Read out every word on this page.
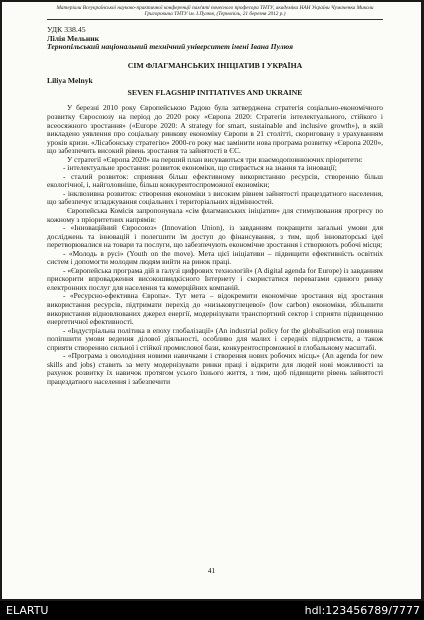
Матеріали Всеукраїнської науково-практичної конференції пам'яті почесного професора ТНТУ, академіка НАН України Чумаченка Миколи Григоровича ТНТУ ім. І.Пулюя, (Тернопіль, 21 березня 2012 р.)
УДК 338.45
Лілія Мельник
Тернопільський національний технічний університет імені Івана Пулюя
СІМ ФЛАГМАНСЬКИХ ІНІЦІАТИВ І УКРАЇНА
Liliya Melnyk
SEVEN FLAGSHIP INITIATIVES AND UKRAINE

У березні 2010 року Європейською Радою була затверджена стратегія соціально-економічного розвитку Євросоюзу на період до 2020 року «Європа 2020: Стратегія інтелектуального, стійкого і всеосяжного зростання» («Europe 2020: A strategy for smart, sustainable and inclusive growth»), в якій викладено уявлення про соціальну ринкову економіку Європи в 21 столітті, скориговану з урахуванням уроків кризи. «Лісабонську стратегію» 2000-го року має замінити нова програма розвитку «Європа 2020», що забезпечить високий рівень зростання та зайнятості в ЄС.

У стратегії «Європа 2020» на перший план висуваються три взаємодоповнюючих пріоритети:

- інтелектуальне зростання: розвиток економіки, що спирається на знання та інновації;

- сталий розвиток: сприяння більш ефективному використанню ресурсів, створенню більш екологічної, і, найголовніше, більш конкурентоспроможної економіки;

- інклюзивна розвиток: створення економіки з високим рівнем зайнятості працездатного населення, що забезпечує згладжування соціальних і територіальних відмінностей.

Європейська Комісія запропонувала «сім флагманських ініціатив» для стимулювання прогресу по кожному з пріоритетних напрямів:

- «Інноваційний Євросоюз» (Innovation Union), із завданням покращити загальні умови для досліджень та інновацій і полегшити їм доступ до фінансування, з тим, щоб інноваторські ідеї перетворювалися на товари та послуги, що забезпечують економічне зростання і створюють робочі місця;

- «Молодь в русі» (Youth on the move). Мета цієї ініціативи – підвищити ефективність освітніх систем і допомогти молодим людям вийти на ринок праці.

- «Європейська програма дій в галузі цифрових технологій» (A digital agenda for Europe) із завданням прискорити впровадження високошвидкісного Інтернету і скористатися перевагами єдиного ринку електронних послуг для населення та комерційних компаній.

- «Ресурсно-ефективна Європа». Тут мета – відокремити економічне зростання від зростання використання ресурсів, підтримати перехід до «низьковуглецевої» (low carbon) економіки, збільшити використання відновлюваних джерел енергії, модернізувати транспортний сектор і сприяти підвищенню енергетичної ефективності.

- «Індустріальна політика в епоху глобалізації» (An industrial policy for the globalisation era) повинна поліпшити умови ведення ділової діяльності, особливо для малих і середніх підприємств, а також сприяти створенню сильної і стійкої промислової бази, конкурентоспроможної в глобальному масштабі.

- «Програма з оволодіння новими навичками і створення нових робочих місць» (An agenda for new skills and jobs) ставить за мету модернізувати ринки праці і відкрити для людей нові можливості за рахунок розвитку їх навичок протягом усього їхнього життя, з тим, щоб підвищити рівень зайнятості працездатного населення і забезпечити

41
ELARTU	hdl:123456789/7777
